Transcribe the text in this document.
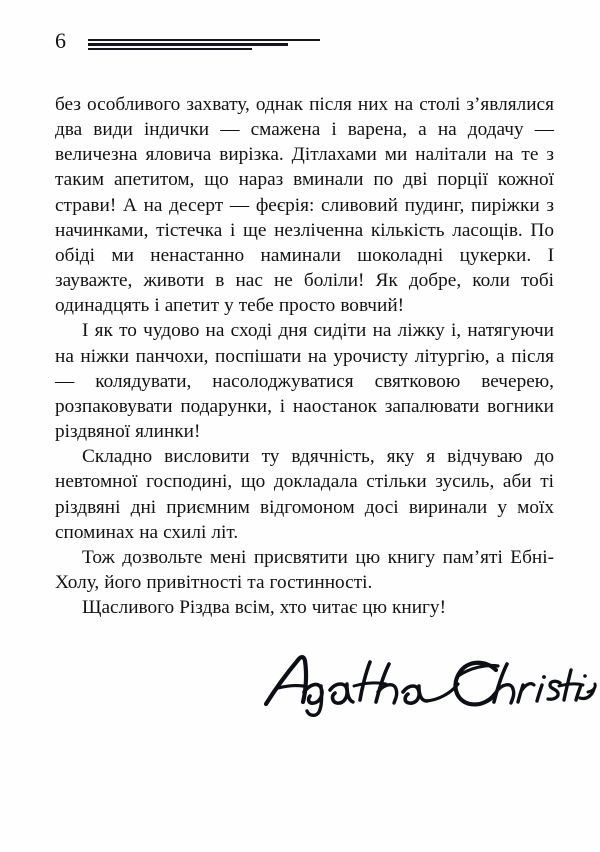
6

без особливого захвату, однак після них на столі з’являлися два види індички — смажена і варена, а на додачу — величезна яловича вирізка. Дітлахами ми налітали на те з таким апетитом, що нараз вминали по дві порції кожної страви! А на десерт — феєрія: сливовий пудинг, пиріжки з начинками, тістечка і ще незліченна кількість ласощів. По обіді ми ненастанно наминали шоколадні цукерки. І зауважте, животи в нас не боліли! Як добре, коли тобі одинадцять і апетит у тебе просто вовчий!

І як то чудово на сході дня сидіти на ліжку і, натягуючи на ніжки панчохи, поспішати на урочисту літургію, а після — колядувати, насолоджуватися святковою вечерею, розпаковувати подарунки, і наостанок запалювати вогники різдвяної ялинки!

Складно висловити ту вдячність, яку я відчуваю до невтомної господині, що докладала стільки зусиль, аби ті різдвяні дні приємним відгомоном досі виринали у моїх споминах на схилі літ.

Тож дозвольте мені присвятити цю книгу пам’яті Ебні-Холу, його привітності та гостинності.

Щасливого Різдва всім, хто читає цю книгу!
